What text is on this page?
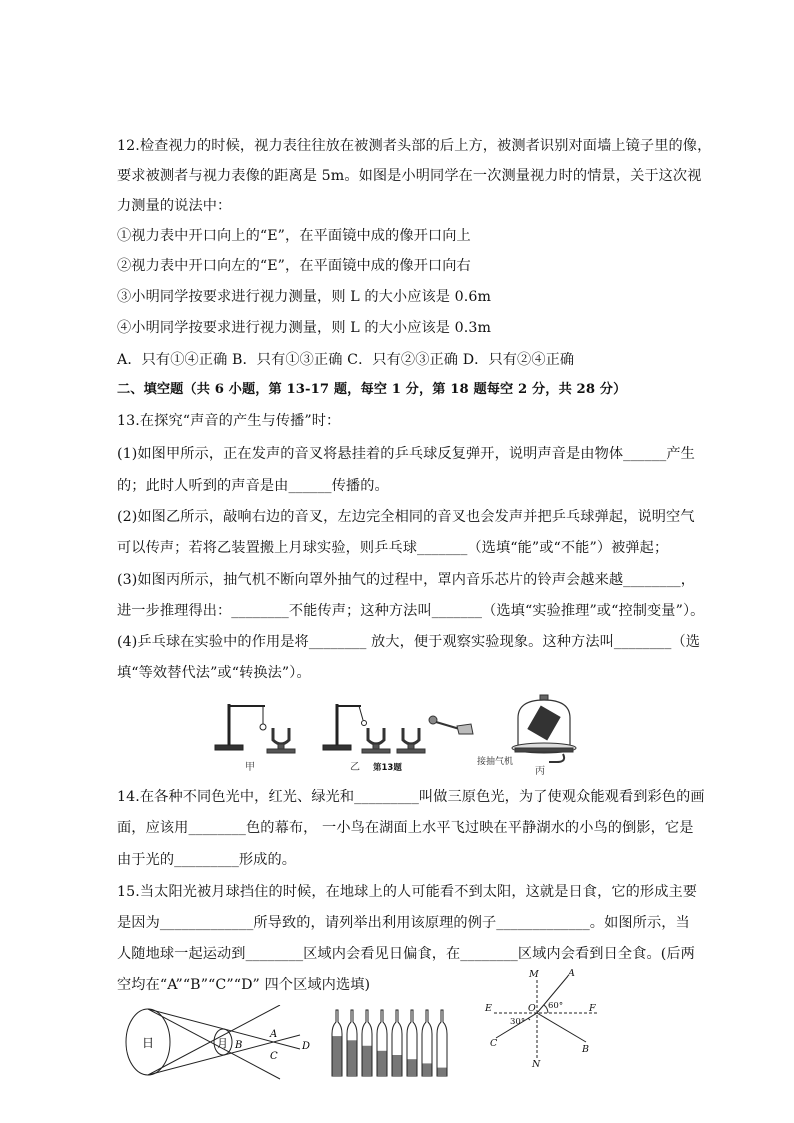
12.检查视力的时候，视力表往往放在被测者头部的后上方，被测者识别对面墙上镜子里的像，
要求被测者与视力表像的距离是 5m。如图是小明同学在一次测量视力时的情景，关于这次视
力测量的说法中：
①视力表中开口向上的“E”，在平面镜中成的像开口向上
②视力表中开口向左的“E”，在平面镜中成的像开口向右
③小明同学按要求进行视力测量，则 L 的大小应该是 0.6m
④小明同学按要求进行视力测量，则 L 的大小应该是 0.3m
A．只有①④正确 B．只有①③正确 C．只有②③正确 D．只有②④正确
二、填空题（共 6 小题，第 13-17 题，每空 1 分，第 18 题每空 2 分，共 28 分）
13.在探究“声音的产生与传播”时：
(1)如图甲所示，正在发声的音叉将悬挂着的乒乓球反复弹开，说明声音是由物体______产生
的；此时人听到的声音是由______传播的。
(2)如图乙所示，敲响右边的音叉，左边完全相同的音叉也会发声并把乒乓球弹起，说明空气
可以传声；若将乙装置搬上月球实验，则乒乓球_______（选填“能”或“不能”）被弹起；
(3)如图丙所示，抽气机不断向罩外抽气的过程中，罩内音乐芯片的铃声会越来越________，
进一步推理得出：________不能传声；这种方法叫_______（选填“实验推理”或“控制变量”）。
(4)乒乓球在实验中的作用是将________ 放大，便于观察实验现象。这种方法叫________（选
填“等效替代法”或“转换法”）。
甲	乙 第13题
接抽气机
丙
14.在各种不同色光中，红光、绿光和_________叫做三原色光，为了使观众能观看到彩色的画
面，应该用________色的幕布， 一小鸟在湖面上水平飞过映在平静湖水的小鸟的倒影，它是
由于光的_________形成的。
15.当太阳光被月球挡住的时候，在地球上的人可能看不到太阳，这就是日食，它的形成主要
是因为_____________所导致的，请列举出利用该原理的例子_____________。如图所示，当
人随地球一起运动到________区域内会看见日偏食，在________区域内会看到日全食。(后两
空均在“A”“B”“C”“D” 四个区域内选填)
日	月 B
A
C
D
M	A
E	F
O
C
B
N
60°
30°
